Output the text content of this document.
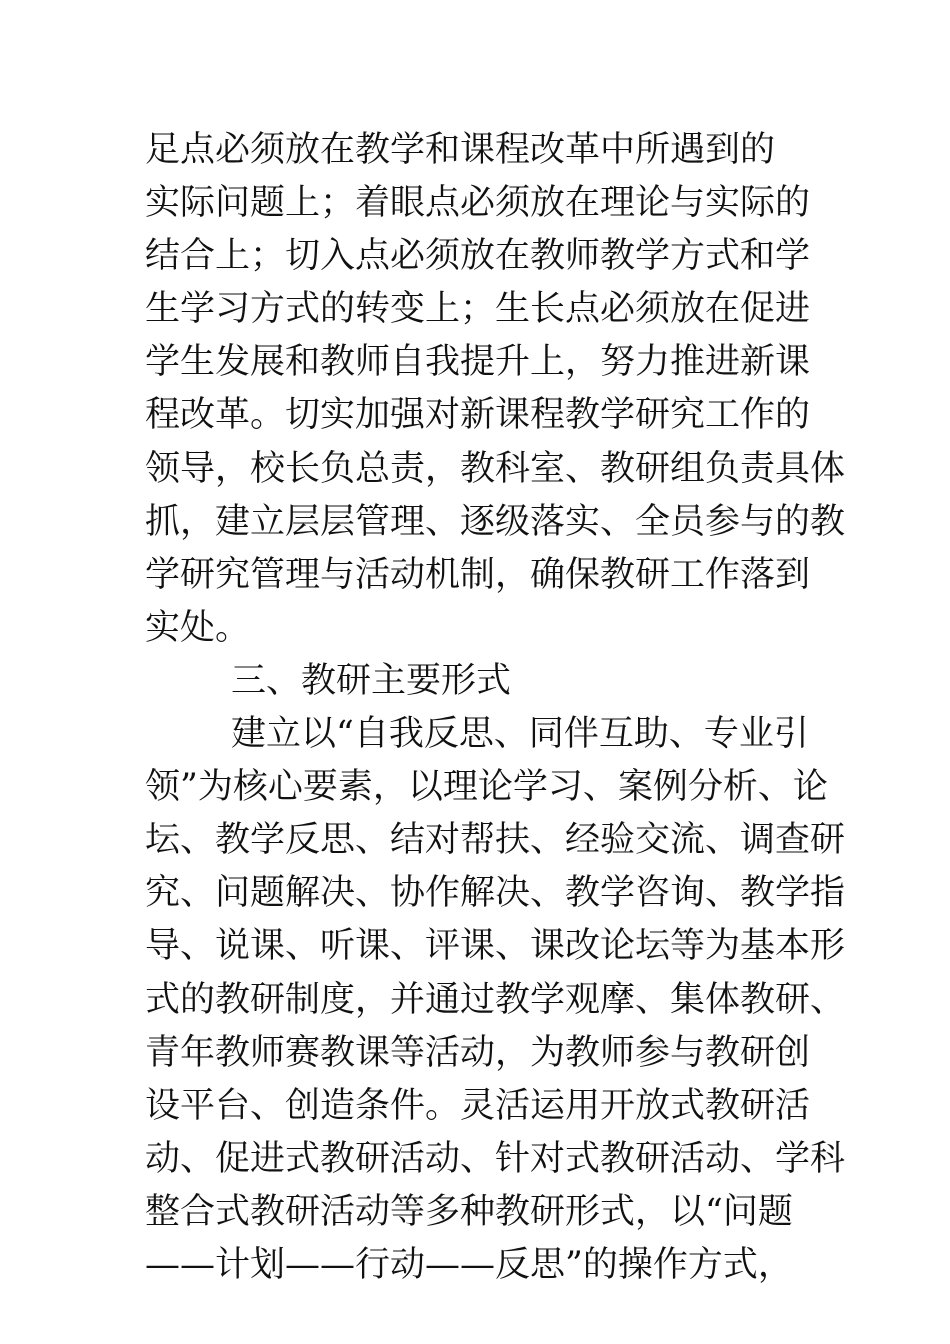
足点必须放在教学和课程改革中所遇到的
实际问题上；着眼点必须放在理论与实际的
结合上；切入点必须放在教师教学方式和学
生学习方式的转变上；生长点必须放在促进
学生发展和教师自我提升上，努力推进新课
程改革。切实加强对新课程教学研究工作的
领导，校长负总责，教科室、教研组负责具体
抓，建立层层管理、逐级落实、全员参与的教
学研究管理与活动机制，确保教研工作落到
实处。
三、教研主要形式
建立以“自我反思、同伴互助、专业引
领”为核心要素，以理论学习、案例分析、论
坛、教学反思、结对帮扶、经验交流、调查研
究、问题解决、协作解决、教学咨询、教学指
导、说课、听课、评课、课改论坛等为基本形
式的教研制度，并通过教学观摩、集体教研、
青年教师赛教课等活动，为教师参与教研创
设平台、创造条件。灵活运用开放式教研活
动、促进式教研活动、针对式教研活动、学科
整合式教研活动等多种教研形式，以“问题
——计划——行动——反思”的操作方式，
